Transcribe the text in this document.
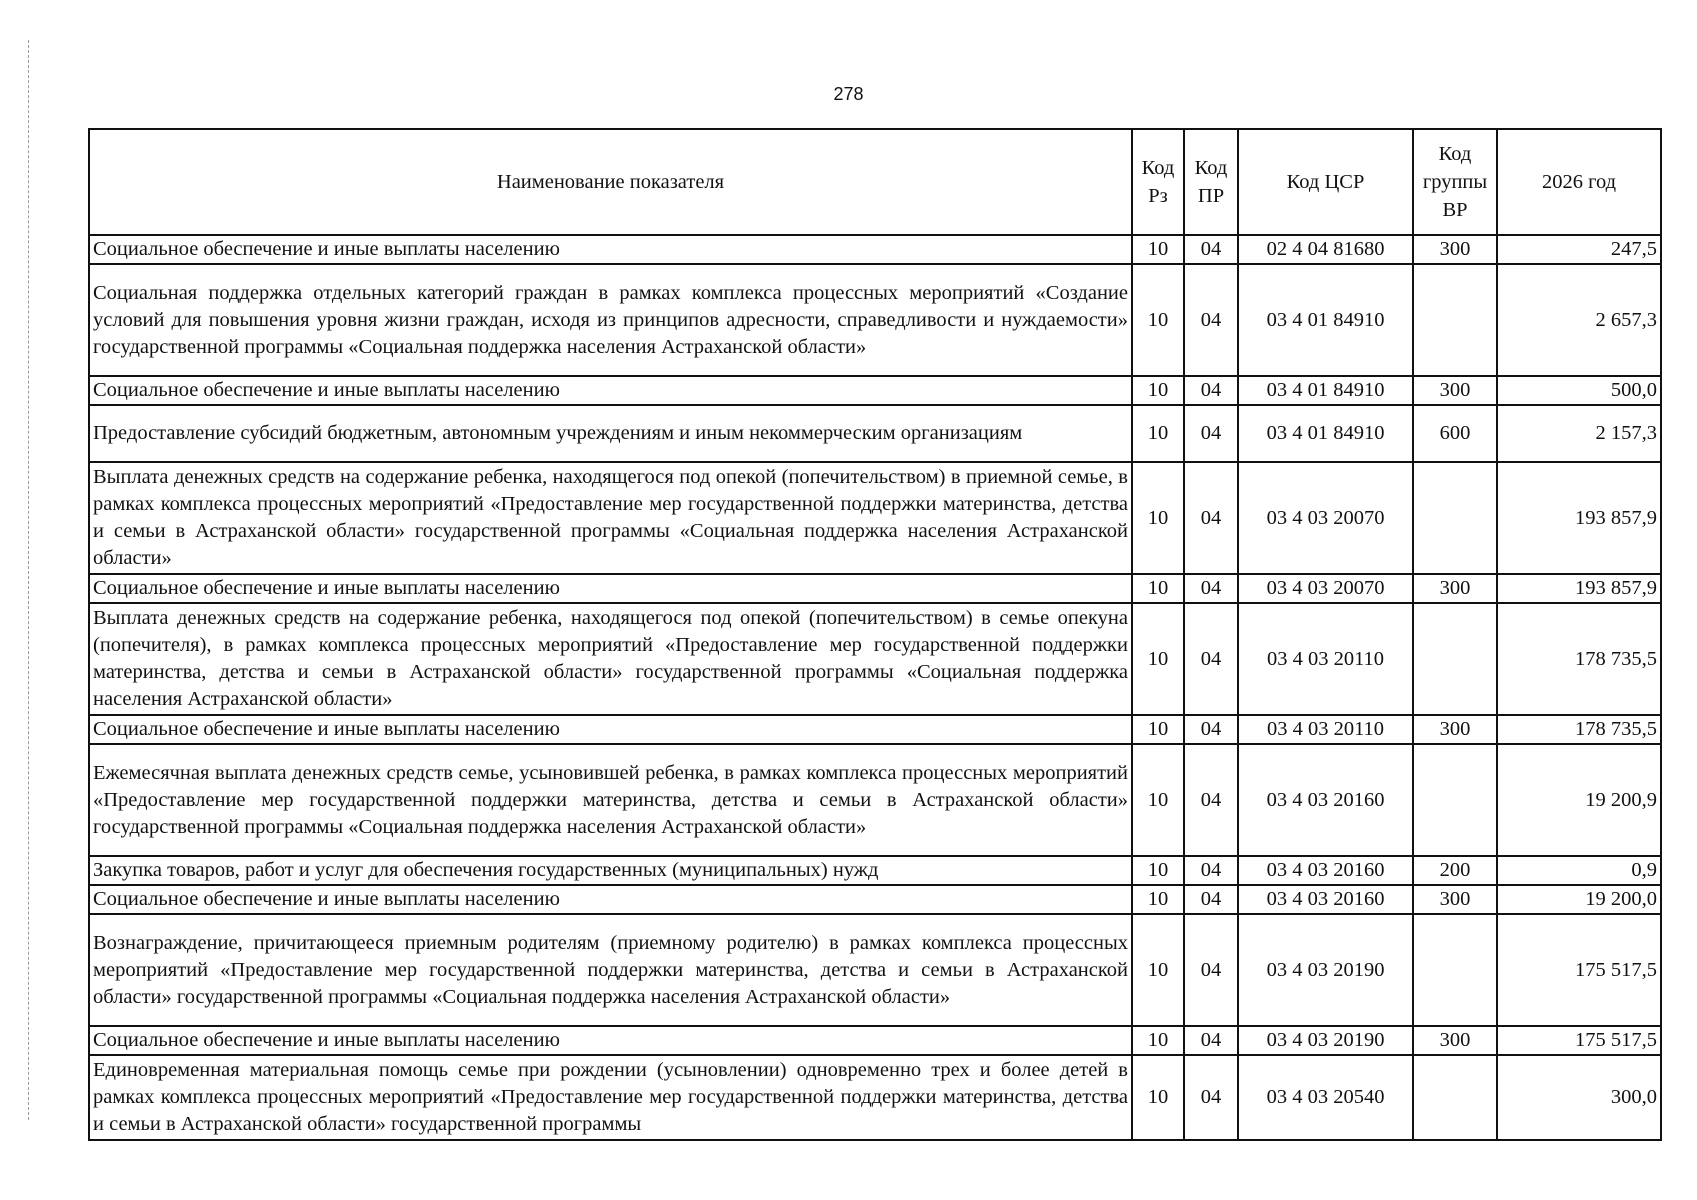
278
Наименование показателя	Код Рз	Код ПР	Код ЦСР	Код группы ВР	2026 год
Социальное обеспечение и иные выплаты населению	10	04	02 4 04 81680	300	247,5
Социальная поддержка отдельных категорий граждан в рамках комплекса процессных мероприятий «Создание условий для повышения уровня жизни граждан, исходя из принципов адресности, справедливости и нуждаемости» государственной программы «Социальная поддержка населения Астраханской области»	10	04	03 4 01 84910		2 657,3
Социальное обеспечение и иные выплаты населению	10	04	03 4 01 84910	300	500,0
Предоставление субсидий бюджетным, автономным учреждениям и иным некоммерческим организациям	10	04	03 4 01 84910	600	2 157,3
Выплата денежных средств на содержание ребенка, находящегося под опекой (попечительством) в приемной семье, в рамках комплекса процессных мероприятий «Предоставление мер государственной поддержки материнства, детства и семьи в Астраханской области» государственной программы «Социальная поддержка населения Астраханской области»	10	04	03 4 03 20070		193 857,9
Социальное обеспечение и иные выплаты населению	10	04	03 4 03 20070	300	193 857,9
Выплата денежных средств на содержание ребенка, находящегося под опекой (попечительством) в семье опекуна (попечителя), в рамках комплекса процессных мероприятий «Предоставление мер государственной поддержки материнства, детства и семьи в Астраханской области» государственной программы «Социальная поддержка населения Астраханской области»	10	04	03 4 03 20110		178 735,5
Социальное обеспечение и иные выплаты населению	10	04	03 4 03 20110	300	178 735,5
Ежемесячная выплата денежных средств семье, усыновившей ребенка, в рамках комплекса процессных мероприятий «Предоставление мер государственной поддержки материнства, детства и семьи в Астраханской области» государственной программы «Социальная поддержка населения Астраханской области»	10	04	03 4 03 20160		19 200,9
Закупка товаров, работ и услуг для обеспечения государственных (муниципальных) нужд	10	04	03 4 03 20160	200	0,9
Социальное обеспечение и иные выплаты населению	10	04	03 4 03 20160	300	19 200,0
Вознаграждение, причитающееся приемным родителям (приемному родителю) в рамках комплекса процессных мероприятий «Предоставление мер государственной поддержки материнства, детства и семьи в Астраханской области» государственной программы «Социальная поддержка населения Астраханской области»	10	04	03 4 03 20190		175 517,5
Социальное обеспечение и иные выплаты населению	10	04	03 4 03 20190	300	175 517,5
Единовременная материальная помощь семье при рождении (усыновлении) одновременно трех и более детей в рамках комплекса процессных мероприятий «Предоставление мер государственной поддержки материнства, детства и семьи в Астраханской области» государственной программы	10	04	03 4 03 20540		300,0
